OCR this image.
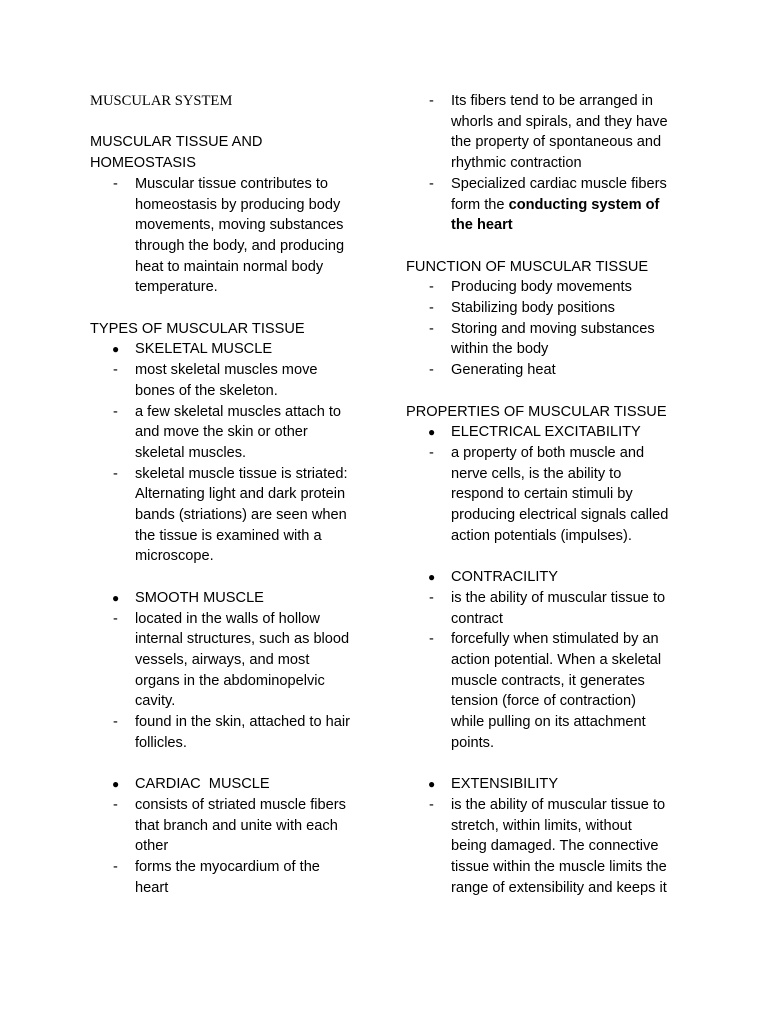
MUSCULAR SYSTEM

MUSCULAR TISSUE AND
HOMEOSTASIS

- Muscular tissue contributes to
homeostasis by producing body
movements, moving substances
through the body, and producing
heat to maintain normal body
temperature.

TYPES OF MUSCULAR TISSUE

● SKELETAL MUSCLE
- most skeletal muscles move
bones of the skeleton.
- a few skeletal muscles attach to
and move the skin or other
skeletal muscles.
- skeletal muscle tissue is striated:
Alternating light and dark protein
bands (striations) are seen when
the tissue is examined with a
microscope.
● SMOOTH MUSCLE
- located in the walls of hollow
internal structures, such as blood
vessels, airways, and most
organs in the abdominopelvic
cavity.
- found in the skin, attached to hair
follicles.
● CARDIAC  MUSCLE
- consists of striated muscle fibers
that branch and unite with each
other
- forms the myocardium of the
heart
- Its fibers tend to be arranged in
whorls and spirals, and they have
the property of spontaneous and
rhythmic contraction
- Specialized cardiac muscle fibers
form the conducting system of
the heart

FUNCTION OF MUSCULAR TISSUE

- Producing body movements
- Stabilizing body positions
- Storing and moving substances
within the body
- Generating heat

PROPERTIES OF MUSCULAR TISSUE

● ELECTRICAL EXCITABILITY
- a property of both muscle and
nerve cells, is the ability to
respond to certain stimuli by
producing electrical signals called
action potentials (impulses).
● CONTRACILITY
- is the ability of muscular tissue to
contract
- forcefully when stimulated by an
action potential. When a skeletal
muscle contracts, it generates
tension (force of contraction)
while pulling on its attachment
points.
● EXTENSIBILITY
- is the ability of muscular tissue to
stretch, within limits, without
being damaged. The connective
tissue within the muscle limits the
range of extensibility and keeps it
